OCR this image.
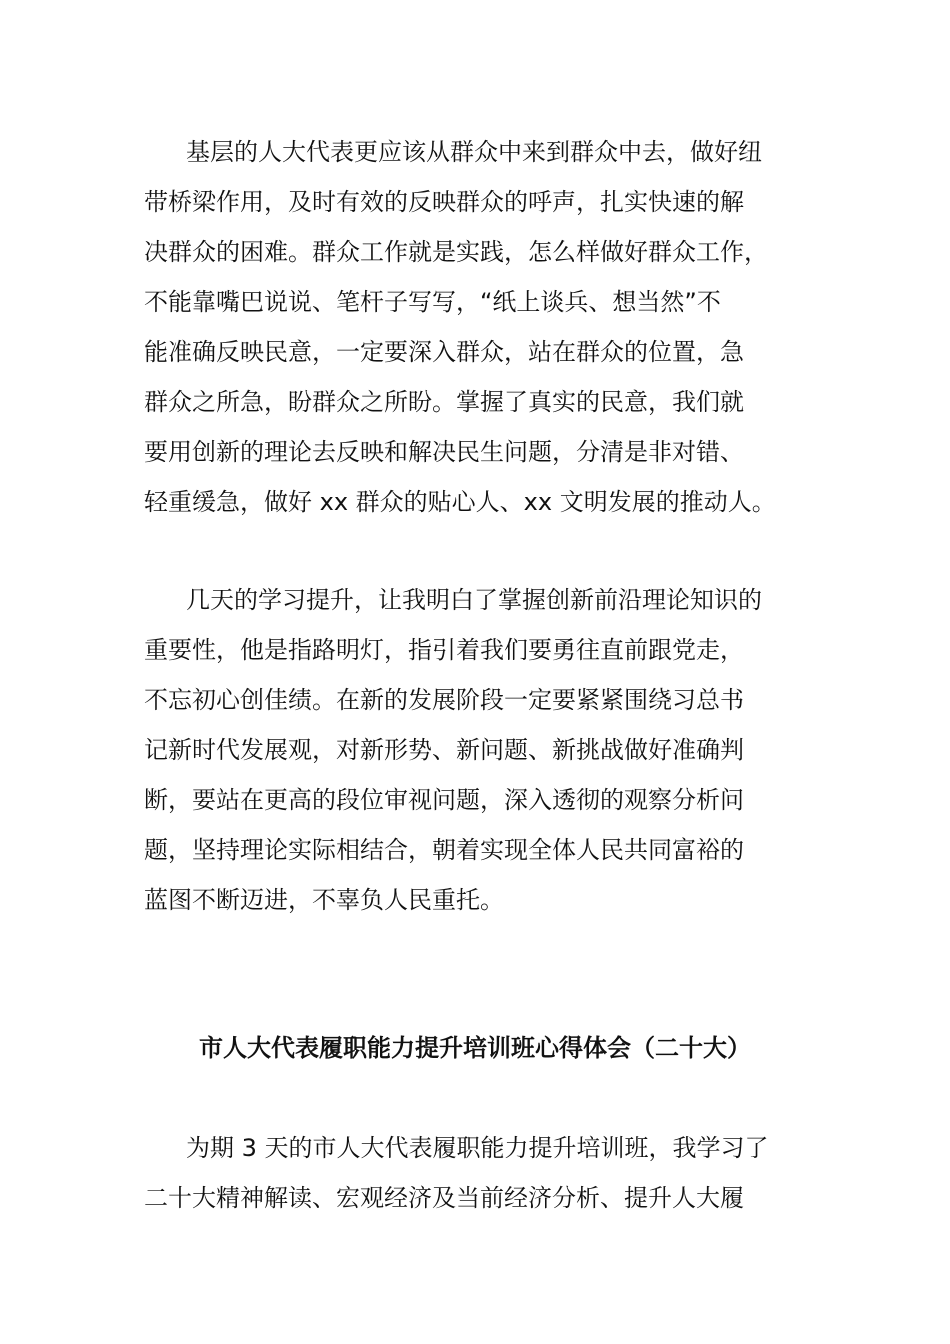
基层的人大代表更应该从群众中来到群众中去，做好纽
带桥梁作用，及时有效的反映群众的呼声，扎实快速的解
决群众的困难。群众工作就是实践，怎么样做好群众工作，
不能靠嘴巴说说、笔杆子写写，“纸上谈兵、想当然”不
能准确反映民意，一定要深入群众，站在群众的位置，急
群众之所急，盼群众之所盼。掌握了真实的民意，我们就
要用创新的理论去反映和解决民生问题，分清是非对错、
轻重缓急，做好 xx 群众的贴心人、xx 文明发展的推动人。
几天的学习提升，让我明白了掌握创新前沿理论知识的
重要性，他是指路明灯，指引着我们要勇往直前跟党走，
不忘初心创佳绩。在新的发展阶段一定要紧紧围绕习总书
记新时代发展观，对新形势、新问题、新挑战做好准确判
断，要站在更高的段位审视问题，深入透彻的观察分析问
题，坚持理论实际相结合，朝着实现全体人民共同富裕的
蓝图不断迈进，不辜负人民重托。
市人大代表履职能力提升培训班心得体会（二十大）
为期 3 天的市人大代表履职能力提升培训班，我学习了
二十大精神解读、宏观经济及当前经济分析、提升人大履
